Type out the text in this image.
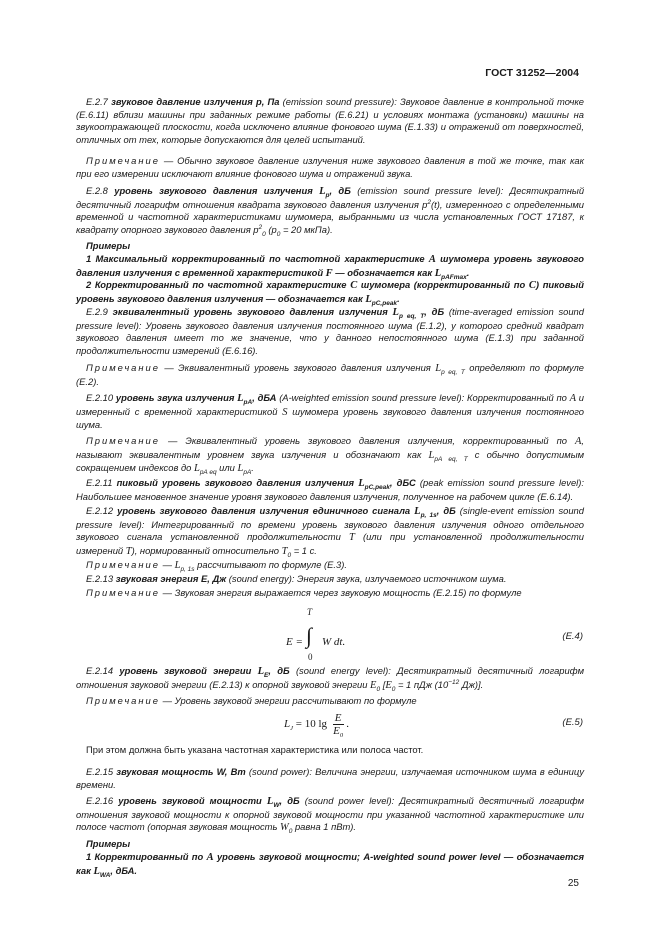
ГОСТ 31252—2004
Е.2.7 звуковое давление излучения p, Па (emission sound pressure): Звуковое давление в контрольной точке (Е.6.11) вблизи машины при заданных режиме работы (Е.6.21) и условиях монтажа (установки) машины на звукоотражающей плоскости, когда исключено влияние фонового шума (Е.1.33) и отражений от поверхностей, отличных от тех, которые допускаются для целей испытаний.
Примечание — Обычно звуковое давление излучения ниже звукового давления в той же точке, так как при его измерении исключают влияние фонового шума и отражений звука.
Е.2.8 уровень звукового давления излучения $L_p$, дБ (emission sound pressure level): Десятикратный десятичный логарифм отношения квадрата звукового давления излучения $p^2(t)$, измеренного с определенными временной и частотной характеристиками шумомера, выбранными из числа установленных ГОСТ 17187, к квадрату опорного звукового давления $p^2_0$ ($p_0 = 20$ мкПа).
Примеры
1 Максимальный корректированный по частотной характеристике A шумомера уровень звукового давления излучения с временной характеристикой F — обозначается как $L_{pAFmax}$.
2 Корректированный по частотной характеристике C шумомера (корректированный по C) пиковый уровень звукового давления излучения — обозначается как $L_{pC,peak}$.
Е.2.9 эквивалентный уровень звукового давления излучения $L_{p eq, T}$, дБ (time-averaged emission sound pressure level): Уровень звукового давления излучения постоянного шума (Е.1.2), у которого средний квадрат звукового давления имеет то же значение, что у данного непостоянного шума (Е.1.3) при заданной продолжительности измерений (Е.6.16).
Примечание — Эквивалентный уровень звукового давления излучения $L_{p eq, T}$ определяют по формуле (Е.2).
Е.2.10 уровень звука излучения $L_{pA}$, дБА (A-weighted emission sound pressure level): Корректированный по A и измеренный с временной характеристикой S шумомера уровень звукового давления излучения постоянного шума.
Примечание — Эквивалентный уровень звукового давления излучения, корректированный по A, называют эквивалентным уровнем звука излучения и обозначают как $L_{pA eq, T}$ с обычно допустимым сокращением индексов до $L_{pA eq}$ или $L_{pA}$.
Е.2.11 пиковый уровень звукового давления излучения $L_{pC,peak}$, дБС (peak emission sound pressure level): Наибольшее мгновенное значение уровня звукового давления излучения, полученное на рабочем цикле (Е.6.14).
Е.2.12 уровень звукового давления излучения единичного сигнала $L_{p, 1s}$, дБ (single-event emission sound pressure level): Интегрированный по времени уровень звукового давления излучения одного отдельного звукового сигнала установленной продолжительности T (или при установленной продолжительности измерений T), нормированный относительно $T_0 = 1$ с.
Примечание — $L_{p, 1s}$ рассчитывают по формуле (Е.3).
Е.2.13 звуковая энергия E, Дж (sound energy): Энергия звука, излучаемого источником шума.
Примечание — Звуковая энергия выражается через звуковую мощность (Е.2.15) по формуле
T
E = ∫ W dt.
0
(Е.4)
Е.2.14 уровень звуковой энергии $L_E$, дБ (sound energy level): Десятикратный десятичный логарифм отношения звуковой энергии (Е.2.13) к опорной звуковой энергии $E_0$ [$E_0 = 1$ пДж ($10^{-12}$ Дж)].
Примечание — Уровень звуковой энергии рассчитывают по формуле
$L_J = 10$ $\lg \frac{E}{E_0}$ .	(Е.5)
При этом должна быть указана частотная характеристика или полоса частот.
Е.2.15 звуковая мощность W, Вт (sound power): Величина энергии, излучаемая источником шума в единицу времени.
Е.2.16 уровень звуковой мощности $L_W$, дБ (sound power level): Десятикратный десятичный логарифм отношения звуковой мощности к опорной звуковой мощности при указанной частотной характеристике или полосе частот (опорная звуковая мощность $W_0$ равна 1 пВт).
Примеры
1 Корректированный по A уровень звуковой мощности; A-weighted sound power level — обозначается как $L_{WA}$, дБА.
25
